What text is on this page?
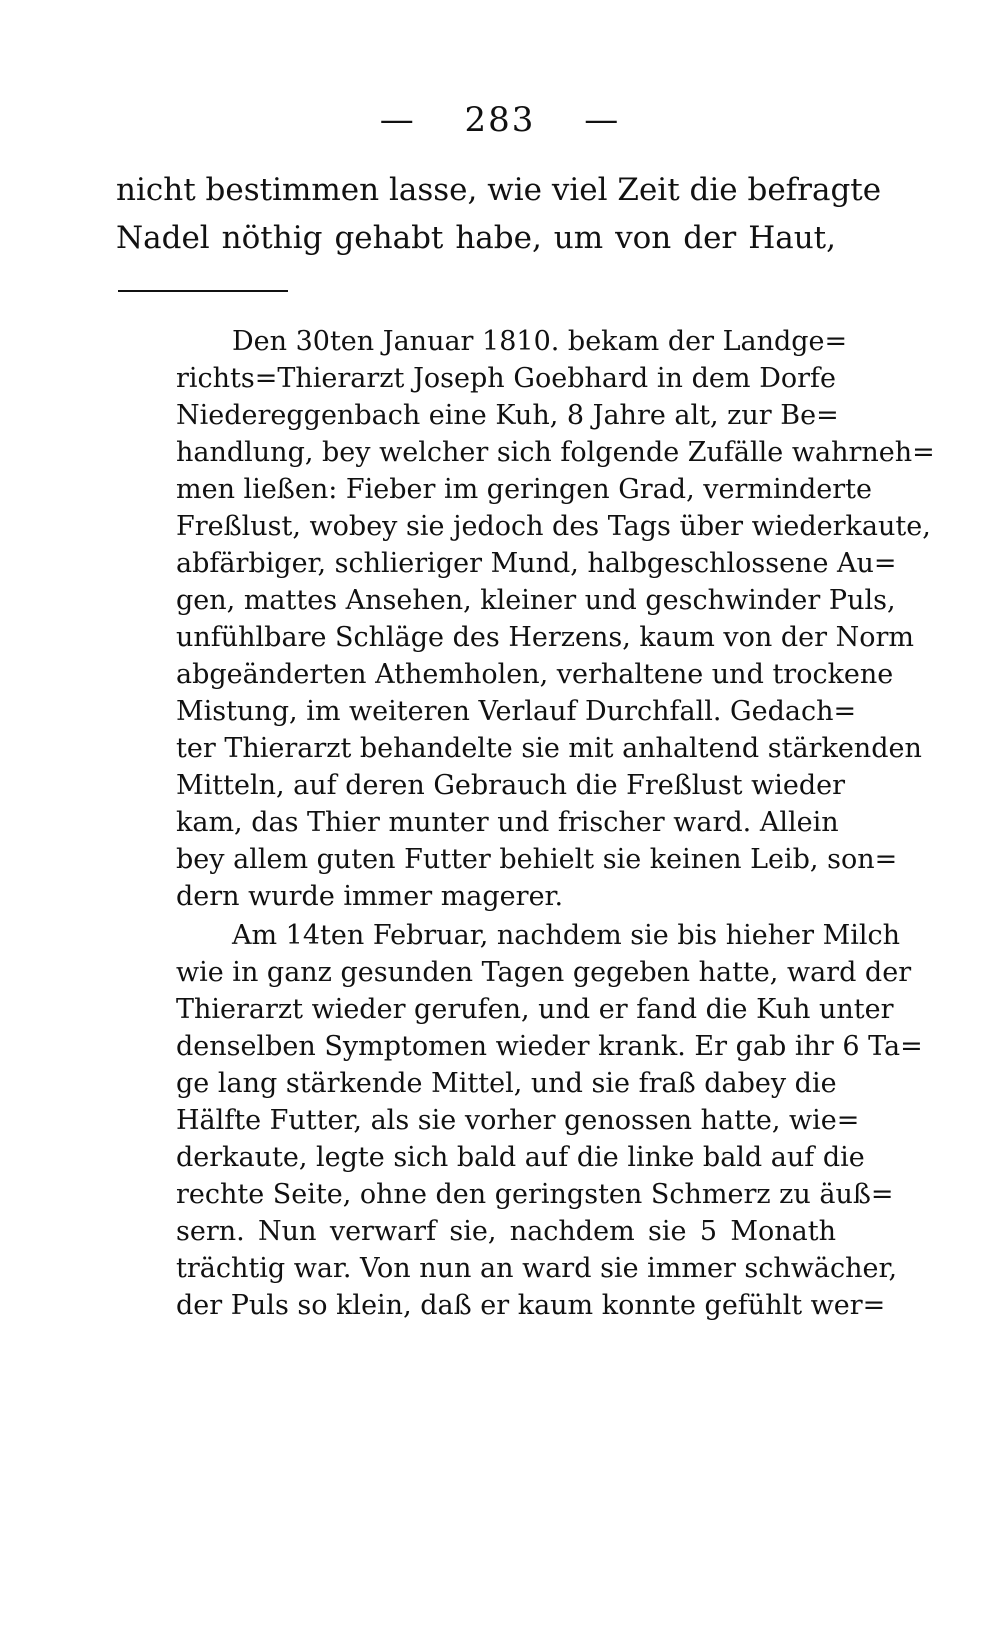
— 283 —
nicht bestimmen lasse, wie viel Zeit die befragte
Nadel nöthig gehabt habe, um von der Haut,
Den 30ten Januar 1810. bekam der Landge=
richts=Thierarzt Joseph Goebhard in dem Dorfe
Niedereggenbach eine Kuh, 8 Jahre alt, zur Be=
handlung, bey welcher sich folgende Zufälle wahrneh=
men ließen: Fieber im geringen Grad, verminderte
Freßlust, wobey sie jedoch des Tags über wiederkaute,
abfärbiger, schlieriger Mund, halbgeschlossene Au=
gen, mattes Ansehen, kleiner und geschwinder Puls,
unfühlbare Schläge des Herzens, kaum von der Norm
abgeänderten Athemholen, verhaltene und trockene
Mistung, im weiteren Verlauf Durchfall. Gedach=
ter Thierarzt behandelte sie mit anhaltend stärkenden
Mitteln, auf deren Gebrauch die Freßlust wieder
kam, das Thier munter und frischer ward. Allein
bey allem guten Futter behielt sie keinen Leib, son=
dern wurde immer magerer.
Am 14ten Februar, nachdem sie bis hieher Milch
wie in ganz gesunden Tagen gegeben hatte, ward der
Thierarzt wieder gerufen, und er fand die Kuh unter
denselben Symptomen wieder krank. Er gab ihr 6 Ta=
ge lang stärkende Mittel, und sie fraß dabey die
Hälfte Futter, als sie vorher genossen hatte, wie=
derkaute, legte sich bald auf die linke bald auf die
rechte Seite, ohne den geringsten Schmerz zu äuß=
sern. Nun verwarf sie, nachdem sie 5 Monath
trächtig war. Von nun an ward sie immer schwächer,
der Puls so klein, daß er kaum konnte gefühlt wer=
